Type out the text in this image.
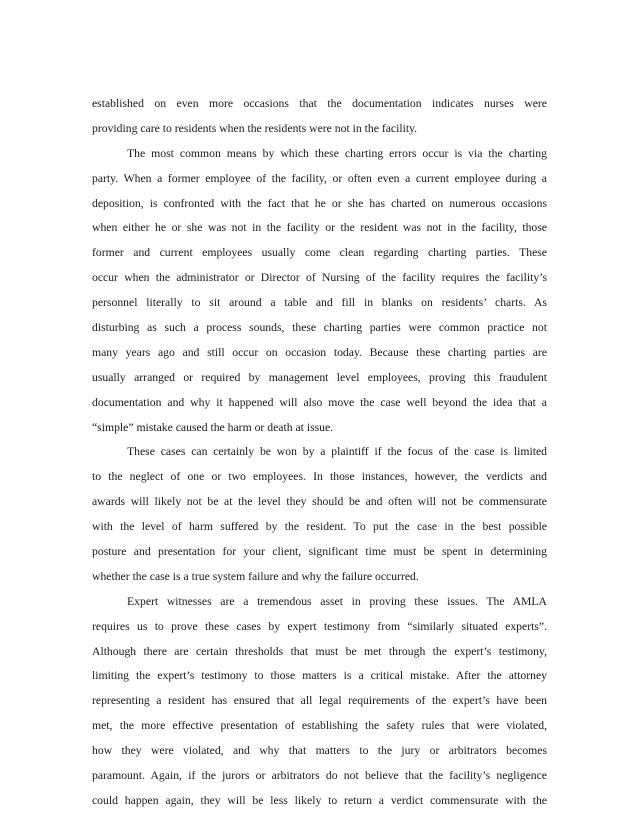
established on even more occasions that the documentation indicates nurses were
providing care to residents when the residents were not in the facility.
The most common means by which these charting errors occur is via the charting
party. When a former employee of the facility, or often even a current employee during a
deposition, is confronted with the fact that he or she has charted on numerous occasions
when either he or she was not in the facility or the resident was not in the facility, those
former and current employees usually come clean regarding charting parties. These
occur when the administrator or Director of Nursing of the facility requires the facility’s
personnel literally to sit around a table and fill in blanks on residents’ charts. As
disturbing as such a process sounds, these charting parties were common practice not
many years ago and still occur on occasion today. Because these charting parties are
usually arranged or required by management level employees, proving this fraudulent
documentation and why it happened will also move the case well beyond the idea that a
“simple” mistake caused the harm or death at issue.
These cases can certainly be won by a plaintiff if the focus of the case is limited
to the neglect of one or two employees. In those instances, however, the verdicts and
awards will likely not be at the level they should be and often will not be commensurate
with the level of harm suffered by the resident. To put the case in the best possible
posture and presentation for your client, significant time must be spent in determining
whether the case is a true system failure and why the failure occurred.
Expert witnesses are a tremendous asset in proving these issues. The AMLA
requires us to prove these cases by expert testimony from “similarly situated experts”.
Although there are certain thresholds that must be met through the expert’s testimony,
limiting the expert’s testimony to those matters is a critical mistake. After the attorney
representing a resident has ensured that all legal requirements of the expert’s have been
met, the more effective presentation of establishing the safety rules that were violated,
how they were violated, and why that matters to the jury or arbitrators becomes
paramount. Again, if the jurors or arbitrators do not believe that the facility’s negligence
could happen again, they will be less likely to return a verdict commensurate with the
